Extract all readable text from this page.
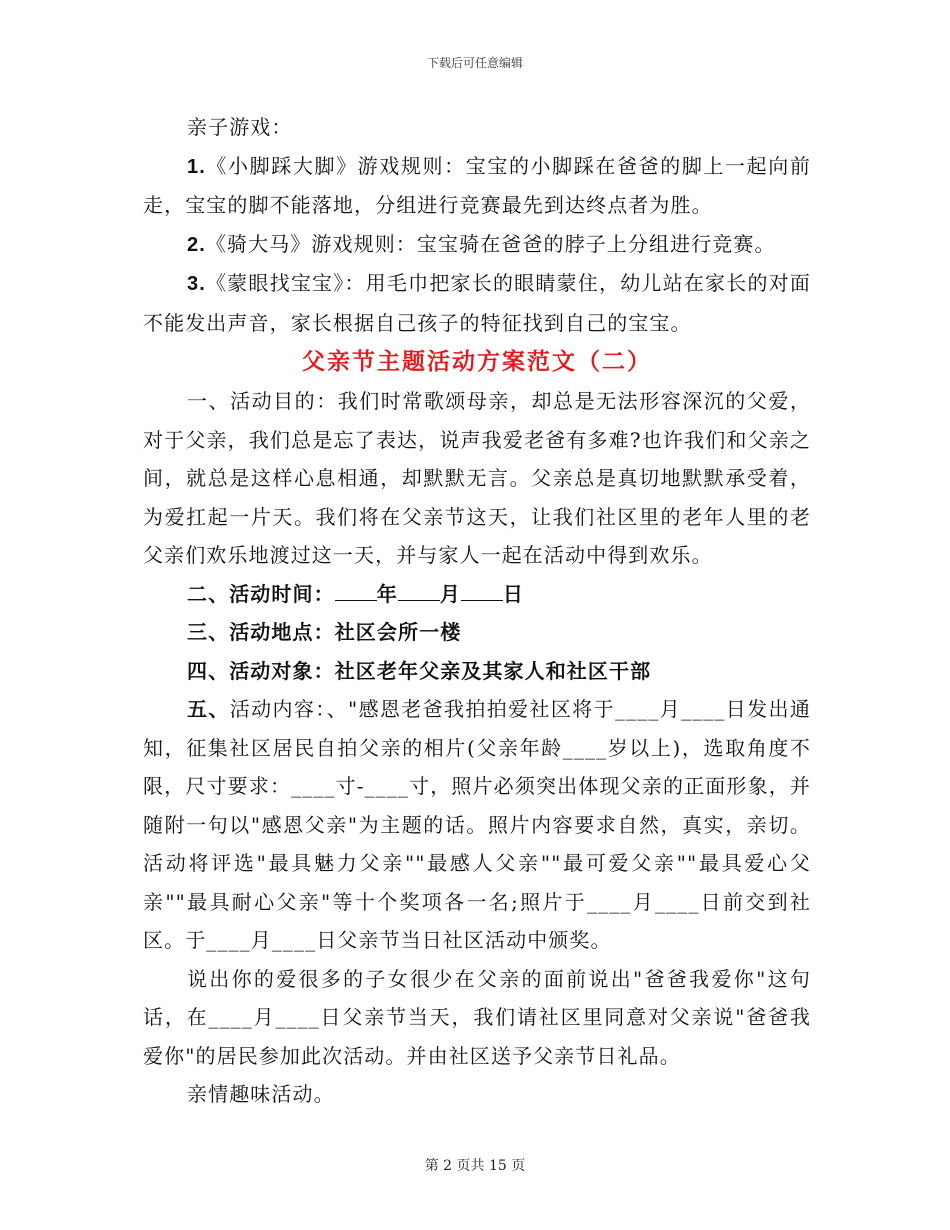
下载后可任意编辑

亲子游戏：

1.《小脚踩大脚》游戏规则：宝宝的小脚踩在爸爸的脚上一起向前走，宝宝的脚不能落地，分组进行竞赛最先到达终点者为胜。

2.《骑大马》游戏规则：宝宝骑在爸爸的脖子上分组进行竞赛。

3.《蒙眼找宝宝》：用毛巾把家长的眼睛蒙住，幼儿站在家长的对面不能发出声音，家长根据自己孩子的特征找到自己的宝宝。

父亲节主题活动方案范文（二）

一、活动目的：我们时常歌颂母亲，却总是无法形容深沉的父爱，对于父亲，我们总是忘了表达，说声我爱老爸有多难?也许我们和父亲之间，就总是这样心息相通，却默默无言。父亲总是真切地默默承受着，为爱扛起一片天。我们将在父亲节这天，让我们社区里的老年人里的老父亲们欢乐地渡过这一天，并与家人一起在活动中得到欢乐。

二、活动时间： 年 月 日

三、活动地点：社区会所一楼

四、活动对象：社区老年父亲及其家人和社区干部

五、活动内容：、"感恩老爸我拍拍爱社区将于____月____日发出通知，征集社区居民自拍父亲的相片(父亲年龄____岁以上)，选取角度不限，尺寸要求：____寸-____寸，照片必须突出体现父亲的正面形象，并随附一句以"感恩父亲"为主题的话。照片内容要求自然，真实，亲切。活动将评选"最具魅力父亲""最感人父亲""最可爱父亲""最具爱心父亲""最具耐心父亲"等十个奖项各一名;照片于____月____日前交到社区。于____月____日父亲节当日社区活动中颁奖。

说出你的爱很多的子女很少在父亲的面前说出"爸爸我爱你"这句话，在____月____日父亲节当天，我们请社区里同意对父亲说"爸爸我爱你"的居民参加此次活动。并由社区送予父亲节日礼品。

亲情趣味活动。

第 2 页共 15 页
